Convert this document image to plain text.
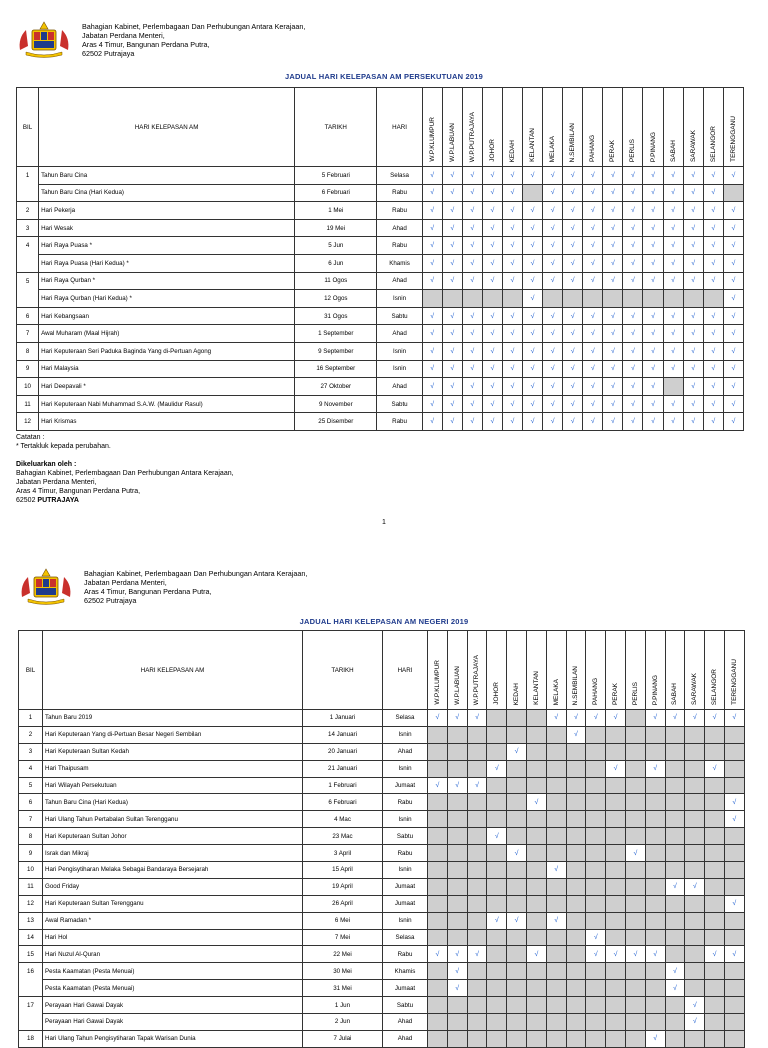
Bahagian Kabinet, Perlembagaan Dan Perhubungan Antara Kerajaan,
Jabatan Perdana Menteri,
Aras 4 Timur, Bangunan Perdana Putra,
62502 Putrajaya
JADUAL HARI KELEPASAN AM PERSEKUTUAN 2019
BIL	HARI KELEPASAN AM	TARIKH	HARI	W.P.KLUMPUR	W.P.LABUAN	W.P.PUTRAJAYA	JOHOR	KEDAH	KELANTAN	MELAKA	N.SEMBILAN	PAHANG	PERAK	PERLIS	P.PINANG	SABAH	SARAWAK	SELANGOR	TERENGGANU

1	Tahun Baru Cina	5 Februari	Selasa	√	√	√	√	√	√	√	√	√	√	√	√	√	√	√	√
	Tahun Baru Cina (Hari Kedua)	6 Februari	Rabu	√	√	√	√	√		√	√	√	√	√	√	√	√	√	
2	Hari Pekerja	1 Mei	Rabu	√	√	√	√	√	√	√	√	√	√	√	√	√	√	√	√
3	Hari Wesak	19 Mei	Ahad	√	√	√	√	√	√	√	√	√	√	√	√	√	√	√	√
4	Hari Raya Puasa *	5 Jun	Rabu	√	√	√	√	√	√	√	√	√	√	√	√	√	√	√	√
	Hari Raya Puasa (Hari Kedua) *	6 Jun	Khamis	√	√	√	√	√	√	√	√	√	√	√	√	√	√	√	√
5	Hari Raya Qurban *	11 Ogos	Ahad	√	√	√	√	√	√	√	√	√	√	√	√	√	√	√	√
	Hari Raya Qurban (Hari Kedua) *	12 Ogos	Isnin						√										√
6	Hari Kebangsaan	31 Ogos	Sabtu	√	√	√	√	√	√	√	√	√	√	√	√	√	√	√	√
7	Awal Muharam (Maal Hijrah)	1 September	Ahad	√	√	√	√	√	√	√	√	√	√	√	√	√	√	√	√
8	Hari Keputeraan Seri Paduka Baginda Yang di-Pertuan Agong	9 September	Isnin	√	√	√	√	√	√	√	√	√	√	√	√	√	√	√	√
9	Hari Malaysia	16 September	Isnin	√	√	√	√	√	√	√	√	√	√	√	√	√	√	√	√
10	Hari Deepavali *	27 Oktober	Ahad	√	√	√	√	√	√	√	√	√	√	√	√		√	√	√
11	Hari Keputeraan Nabi Muhammad S.A.W. (Maulidur Rasul)	9 November	Sabtu	√	√	√	√	√	√	√	√	√	√	√	√	√	√	√	√
12	Hari Krismas	25 Disember	Rabu	√	√	√	√	√	√	√	√	√	√	√	√	√	√	√	√
Catatan :
* Tertakluk kepada perubahan.
Dikeluarkan oleh :
Bahagian Kabinet, Perlembagaan Dan Perhubungan Antara Kerajaan,
Jabatan Perdana Menteri,
Aras 4 Timur, Bangunan Perdana Putra,
62502 PUTRAJAYA
1
Bahagian Kabinet, Perlembagaan Dan Perhubungan Antara Kerajaan,
Jabatan Perdana Menteri,
Aras 4 Timur, Bangunan Perdana Putra,
62502 Putrajaya
JADUAL HARI KELEPASAN AM NEGERI 2019
BIL	HARI KELEPASAN AM	TARIKH	HARI	W.P.KLUMPUR	W.P.LABUAN	W.P.PUTRAJAYA	JOHOR	KEDAH	KELANTAN	MELAKA	N.SEMBILAN	PAHANG	PERAK	PERLIS	P.PINANG	SABAH	SARAWAK	SELANGOR	TERENGGANU

1	Tahun Baru 2019	1 Januari	Selasa	√	√	√				√	√	√	√		√	√	√	√	√
2	Hari Keputeraan Yang di-Pertuan Besar Negeri Sembilan	14 Januari	Isnin								√								
3	Hari Keputeraan Sultan Kedah	20 Januari	Ahad					√											
4	Hari Thaipusam	21 Januari	Isnin				√						√		√			√	
5	Hari Wilayah Persekutuan	1 Februari	Jumaat	√	√	√													
6	Tahun Baru Cina (Hari Kedua)	6 Februari	Rabu						√										√
7	Hari Ulang Tahun Pertabalan Sultan Terengganu	4 Mac	Isnin																√
8	Hari Keputeraan Sultan Johor	23 Mac	Sabtu				√												
9	Israk dan Mikraj	3 April	Rabu					√						√					
10	Hari Pengisytiharan Melaka Sebagai Bandaraya Bersejarah	15 April	Isnin							√									
11	Good Friday	19 April	Jumaat													√	√		
12	Hari Keputeraan Sultan Terengganu	26 April	Jumaat																√
13	Awal Ramadan *	6 Mei	Isnin				√	√		√									
14	Hari Hol	7 Mei	Selasa									√							
15	Hari Nuzul Al-Quran	22 Mei	Rabu	√	√	√			√			√	√	√	√			√	√
16	Pesta Kaamatan (Pesta Menuai)	30 Mei	Khamis		√											√			
	Pesta Kaamatan (Pesta Menuai)	31 Mei	Jumaat		√											√			
17	Perayaan Hari Gawai Dayak	1 Jun	Sabtu														√		
	Perayaan Hari Gawai Dayak	2 Jun	Ahad														√		
18	Hari Ulang Tahun Pengisytiharan Tapak Warisan Dunia	7 Julai	Ahad												√				
